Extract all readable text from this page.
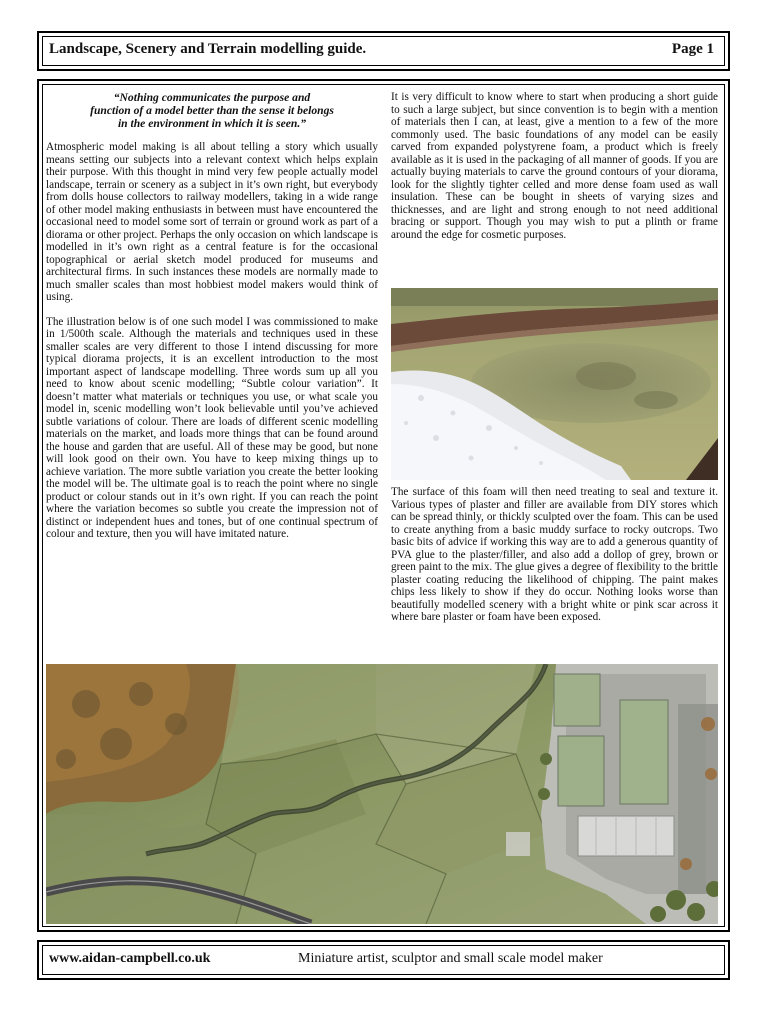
Landscape, Scenery and Terrain modelling guide.	Page 1
“Nothing communicates the purpose and
function of a model better than the sense it belongs
in the environment in which it is seen.”

Atmospheric model making is all about telling a story which usually means setting our subjects into a relevant context which helps explain their purpose. With this thought in mind very few people actually model landscape, terrain or scenery as a subject in it’s own right, but everybody from dolls house collectors to railway modellers, taking in a wide range of other model making enthusiasts in between must have encountered the occasional need to model some sort of terrain or ground work as part of a diorama or other project. Perhaps the only occasion on which landscape is modelled in it’s own right as a central feature is for the occasional topographical or aerial sketch model produced for museums and architectural firms. In such instances these models are normally made to much smaller scales than most hobbiest model makers would think of using.

The illustration below is of one such model I was commissioned to make in 1/500th scale. Although the materials and techniques used in these smaller scales are very different to those I intend discussing for more typical diorama projects, it is an excellent introduction to the most important aspect of landscape modelling. Three words sum up all you need to know about scenic modelling; “Subtle colour variation”. It doesn’t matter what materials or techniques you use, or what scale you model in, scenic modelling won’t look believable until you’ve achieved subtle variations of colour. There are loads of different scenic modelling materials on the market, and loads more things that can be found around the house and garden that are useful. All of these may be good, but none will look good on their own. You have to keep mixing things up to achieve variation. The more subtle variation you create the better looking the model will be. The ultimate goal is to reach the point where no single product or colour stands out in it’s own right. If you can reach the point where the variation becomes so subtle you create the impression not of distinct or independent hues and tones, but of one continual spectrum of colour and texture, then you will have imitated nature.

It is very difficult to know where to start when producing a short guide to such a large subject, but since convention is to begin with a mention of materials then I can, at least, give a mention to a few of the more commonly used. The basic foundations of any model can be easily carved from expanded polystyrene foam, a product which is freely available as it is used in the packaging of all manner of goods. If you are actually buying materials to carve the ground contours of your diorama, look for the slightly tighter celled and more dense foam used as wall insulation. These can be bought in sheets of varying sizes and thicknesses, and are light and strong enough to not need additional bracing or support. Though you may wish to put a plinth or frame around the edge for cosmetic purposes.

The surface of this foam will then need treating to seal and texture it. Various types of plaster and filler are available from DIY stores which can be spread thinly, or thickly sculpted over the foam. This can be used to create anything from a basic muddy surface to rocky outcrops. Two basic bits of advice if working this way are to add a generous quantity of PVA glue to the plaster/filler, and also add a dollop of grey, brown or green paint to the mix. The glue gives a degree of flexibility to the brittle plaster coating reducing the likelihood of chipping. The paint makes chips less likely to show if they do occur. Nothing looks worse than beautifully modelled scenery with a bright white or pink scar across it where bare plaster or foam have been exposed.

www.aidan-campbell.co.uk	Miniature artist, sculptor and small scale model maker
